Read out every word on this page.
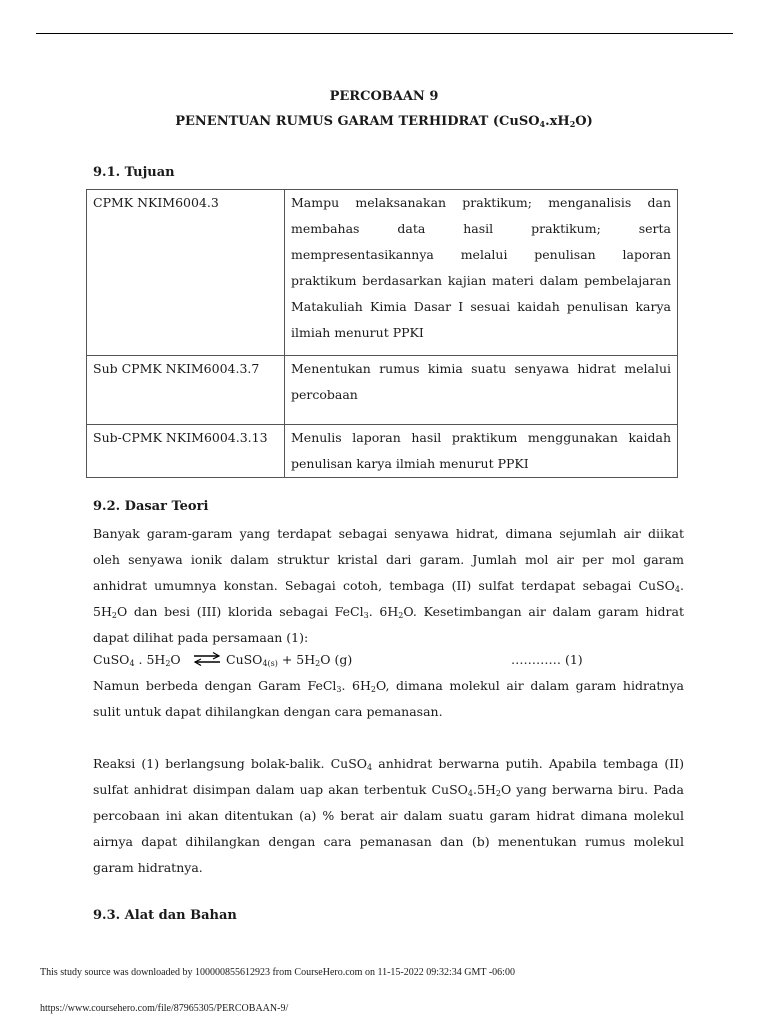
PERCOBAAN 9
PENENTUAN RUMUS GARAM TERHIDRAT $(CuSO_4.xH_2O)$
9.1. Tujuan
CPMK NKIM6004.3	Mampu melaksanakan praktikum; menganalisis dan membahas data hasil praktikum; serta mempresentasikannya melalui penulisan laporan praktikum berdasarkan kajian materi dalam pembelajaran Matakuliah Kimia Dasar I sesuai kaidah penulisan karya ilmiah menurut PPKI
Sub CPMK NKIM6004.3.7	Menentukan rumus kimia suatu senyawa hidrat melalui percobaan
Sub-CPMK NKIM6004.3.13	Menulis laporan hasil praktikum menggunakan kaidah penulisan karya ilmiah menurut PPKI
9.2. Dasar Teori
Banyak garam-garam yang terdapat sebagai senyawa hidrat, dimana sejumlah air diikat oleh senyawa ionik dalam struktur kristal dari garam. Jumlah mol air per mol garam anhidrat umumnya konstan. Sebagai cotoh, tembaga (II) sulfat terdapat sebagai CuSO$_4$. $5H_2O$ dan besi (III) klorida sebagai FeCl$_3$. $6H_2O$. Kesetimbangan air dalam garam hidrat dapat dilihat pada persamaan (1):
CuSO$_4$ . $5H_2O$ ⇌ CuSO$_{4(s)}$ + $5H_2O$ (g)	………… (1)
Namun berbeda dengan Garam FeCl$_3$. $6H_2O$, dimana molekul air dalam garam hidratnya sulit untuk dapat dihilangkan dengan cara pemanasan.
Reaksi (1) berlangsung bolak-balik. CuSO$_4$ anhidrat berwarna putih. Apabila tembaga (II) sulfat anhidrat disimpan dalam uap akan terbentuk $CuSO_4.5H_2O$ yang berwarna biru. Pada percobaan ini akan ditentukan (a) % berat air dalam suatu garam hidrat dimana molekul airnya dapat dihilangkan dengan cara pemanasan dan (b) menentukan rumus molekul garam hidratnya.
9.3. Alat dan Bahan
This study source was downloaded by 100000855612923 from CourseHero.com on 11-15-2022 09:32:34 GMT -06:00
https://www.coursehero.com/file/87965305/PERCOBAAN-9/
